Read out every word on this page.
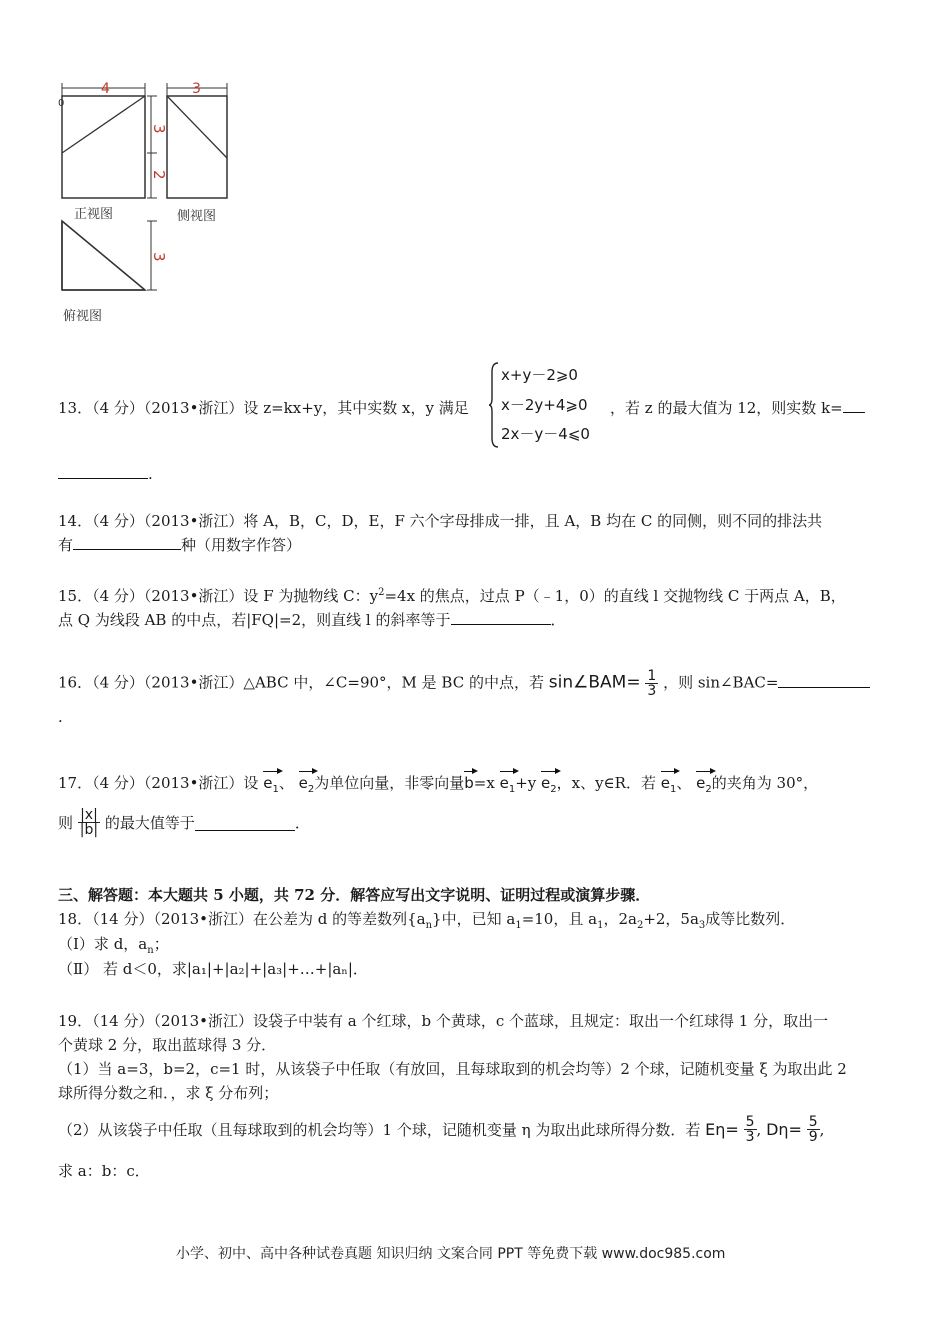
4
3
2
0
3
3
正视图	侧视图
俯视图
13．（4 分）（2013•浙江）设 z=kx+y，其中实数 x，y 满足
x+y－2⩾0
x－2y+4⩾0
2x－y－4⩽0
，若 z 的最大值为 12，则实数 k=
.
14．（4 分）（2013•浙江）将 A，B，C，D，E，F 六个字母排成一排，且 A，B 均在 C 的同侧，则不同的排法共
有	种（用数字作答）
15．（4 分）（2013•浙江）设 F 为抛物线 C：$y^2=4x$ 的焦点，过点 P（﹣1，0）的直线 l 交抛物线 C 于两点 A，B，
点 Q 为线段 AB 的中点，若|FQ|=2，则直线 l 的斜率等于	．
16．（4 分）（2013•浙江）△ABC 中，∠C=90°，M 是 BC 的中点，若 sin∠BAM= $\frac{1}{3}$ ，则 sin∠BAC=
.
17．（4 分）（2013•浙江）设 $e_1$、 $e_2$为单位向量，非零向量b=x $e_1+y$ $e_2$，x、y∈R．若 $e_1$、 $e_2$的夹角为 30°，
则 $\frac{|x|}{|b|}$ 的最大值等于	．
三、解答题：本大题共 5 小题，共 72 分．解答应写出文字说明、证明过程或演算步骤．
18．（14 分）（2013•浙江）在公差为 d 的等差数列$\{a_n\}$中，已知 $a_1=10$，且 $a_1$，$2a_2+2$，$5a_3$成等比数列．
（Ⅰ）求 d，$a_n$；
（Ⅱ） 若 d＜0，求|a₁|+|a₂|+|a₃|+…+|aₙ|．
19．（14 分）（2013•浙江）设袋子中装有 a 个红球，b 个黄球，c 个蓝球，且规定：取出一个红球得 1 分，取出一
个黄球 2 分，取出蓝球得 3 分．
（1）当 a=3，b=2，c=1 时，从该袋子中任取（有放回，且每球取到的机会均等）2 个球，记随机变量 ξ 为取出此 2
球所得分数之和．，求 ξ 分布列；
（2）从该袋子中任取（且每球取到的机会均等）1 个球，记随机变量 η 为取出此球所得分数．若 $E\eta= \frac{5}{3}$ , $D\eta= \frac{5}{9}$ ,
求 a：b：c．
小学、初中、高中各种试卷真题 知识归纳 文案合同 PPT 等免费下载 www.doc985.com
